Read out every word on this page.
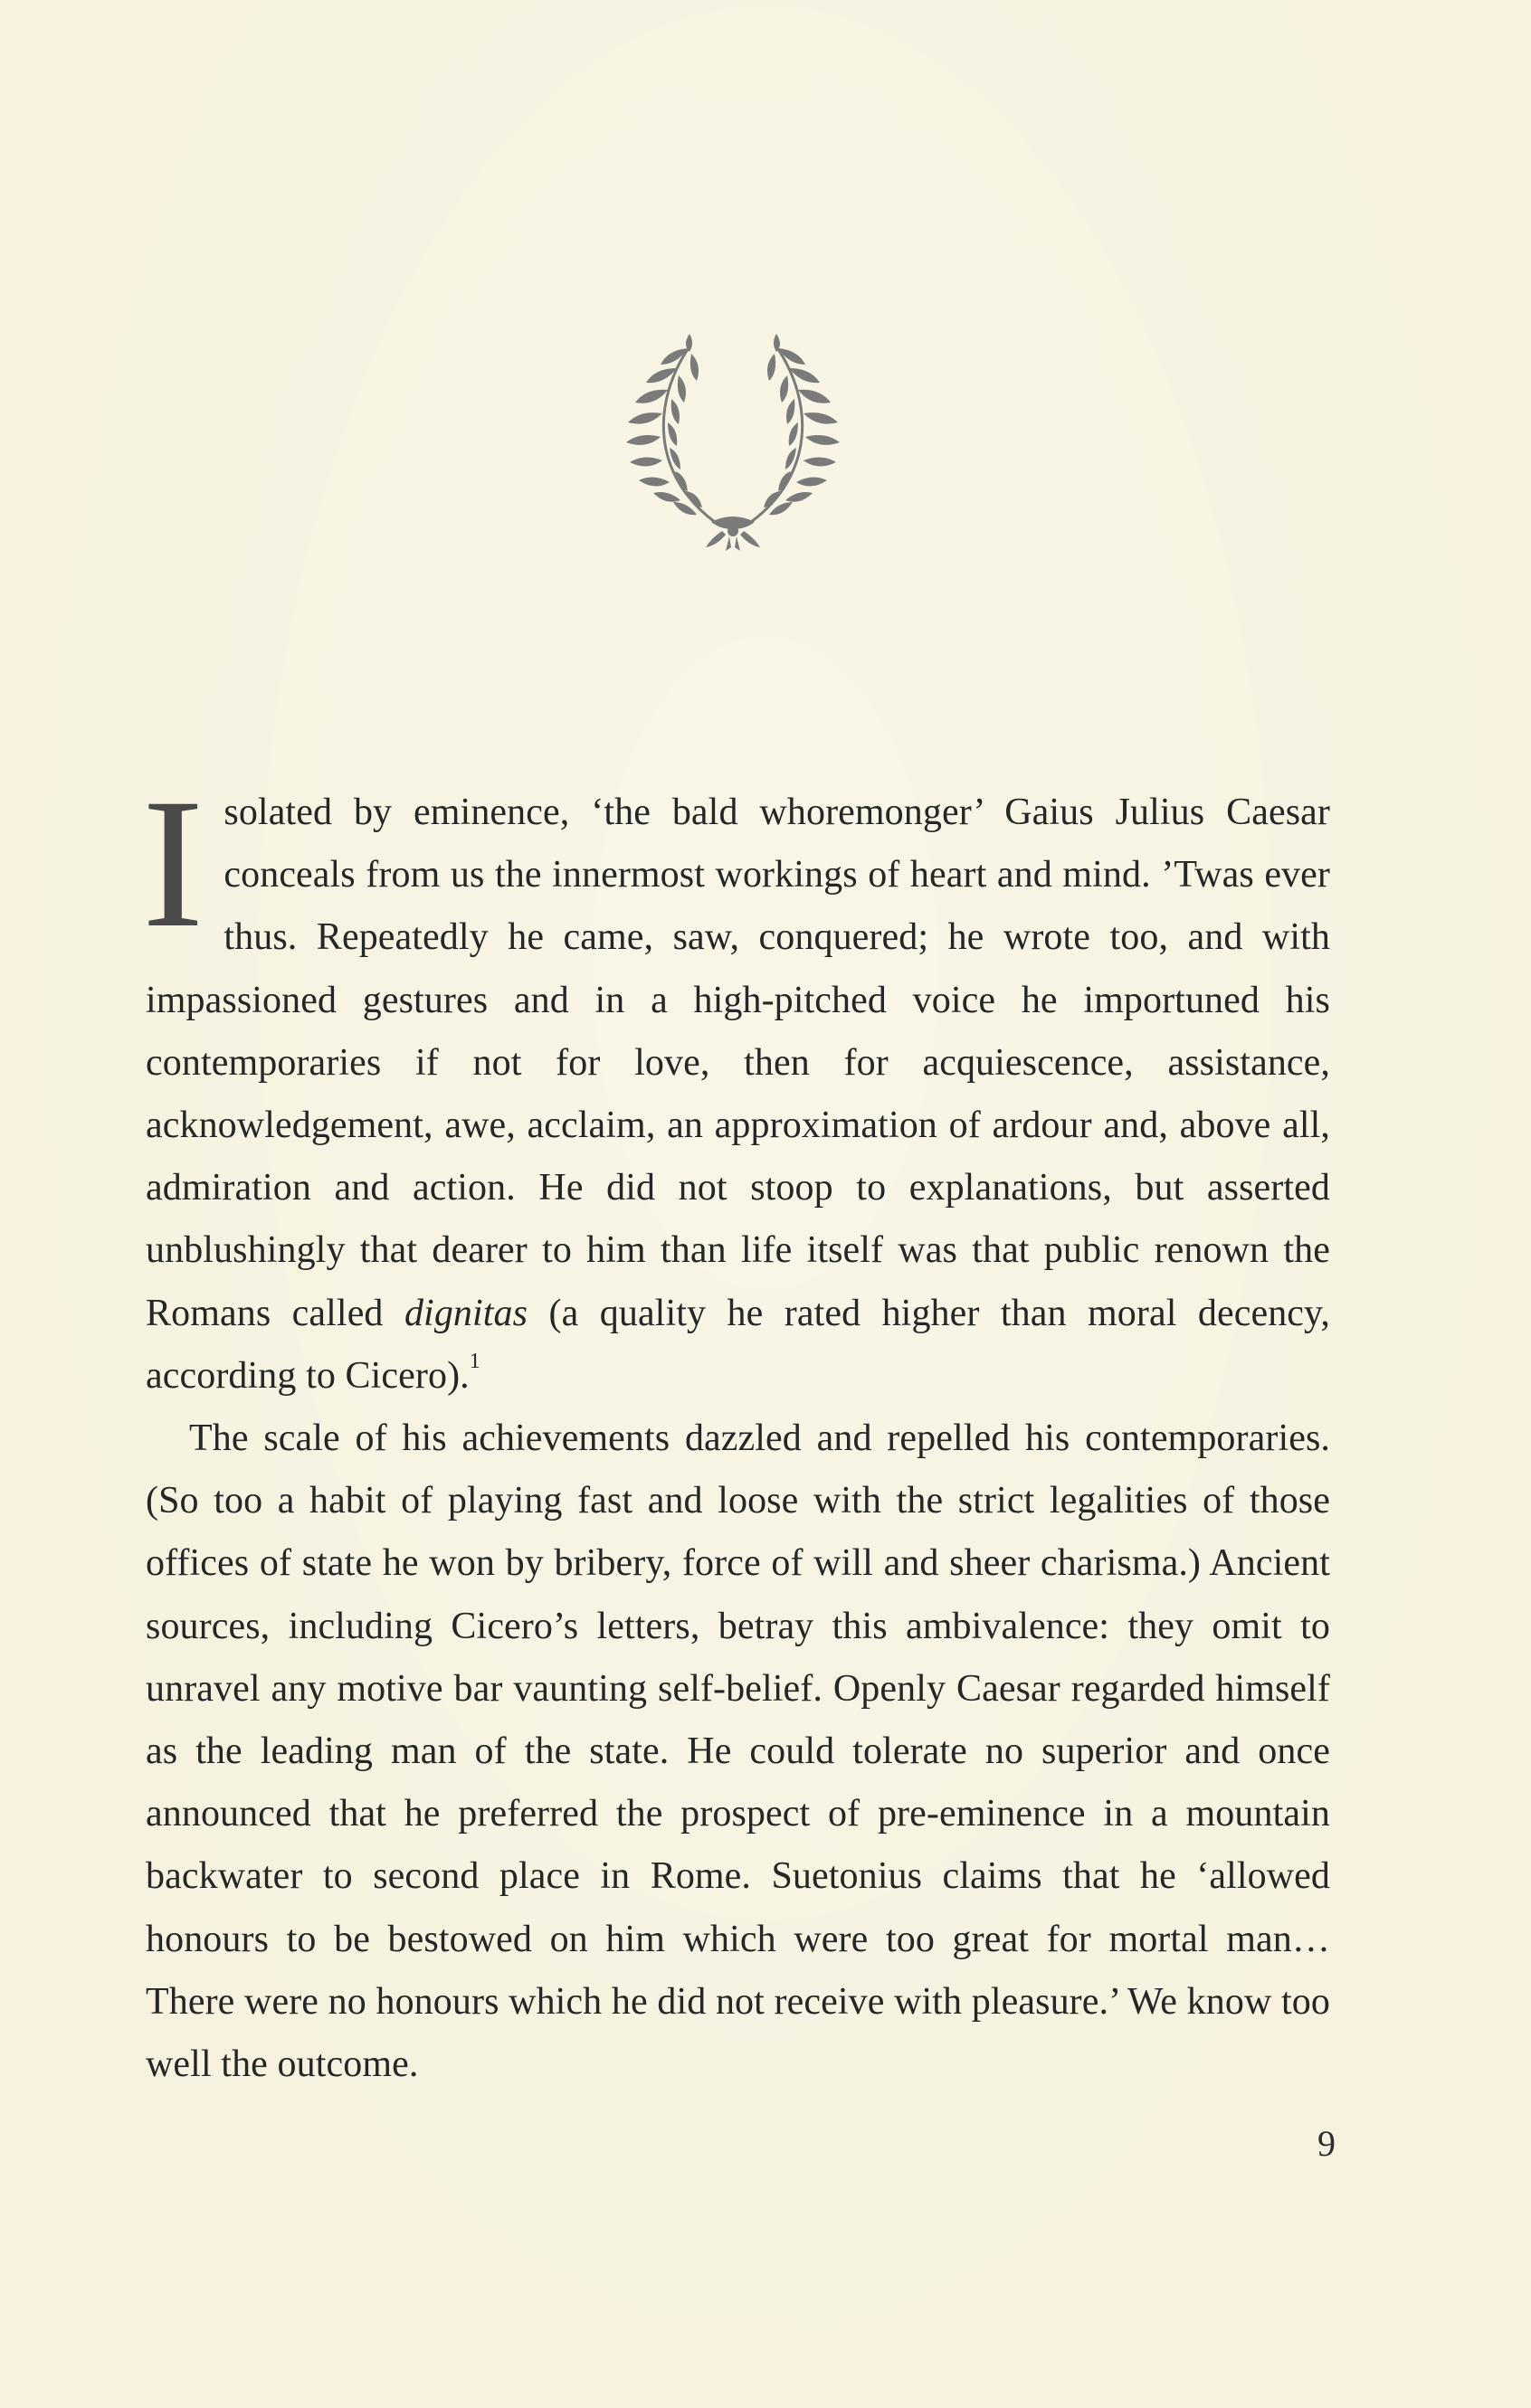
Isolated by eminence, ‘the bald whoremonger’ Gaius Julius Caesar conceals from us the innermost workings of heart and mind. ’Twas ever thus. Repeatedly he came, saw, conquered; he wrote too, and with impassioned gestures and in a high-pitched voice he importuned his contemporaries if not for love, then for acquiescence, assistance, acknowledgement, awe, acclaim, an approximation of ardour and, above all, admiration and action. He did not stoop to explanations, but asserted unblushingly that dearer to him than life itself was that public renown the Romans called dignitas (a quality he rated higher than moral decency, according to Cicero).$^1$
The scale of his achievements dazzled and repelled his contemporaries. (So too a habit of playing fast and loose with the strict legalities of those offices of state he won by bribery, force of will and sheer charisma.) Ancient sources, including Cicero’s letters, betray this ambivalence: they omit to unravel any motive bar vaunting self-belief. Openly Caesar regarded himself as the leading man of the state. He could tolerate no superior and once announced that he preferred the prospect of pre-eminence in a mountain backwater to second place in Rome. Suetonius claims that he ‘allowed honours to be bestowed on him which were too great for mortal man… There were no honours which he did not receive with pleasure.’ We know too well the outcome.
9
